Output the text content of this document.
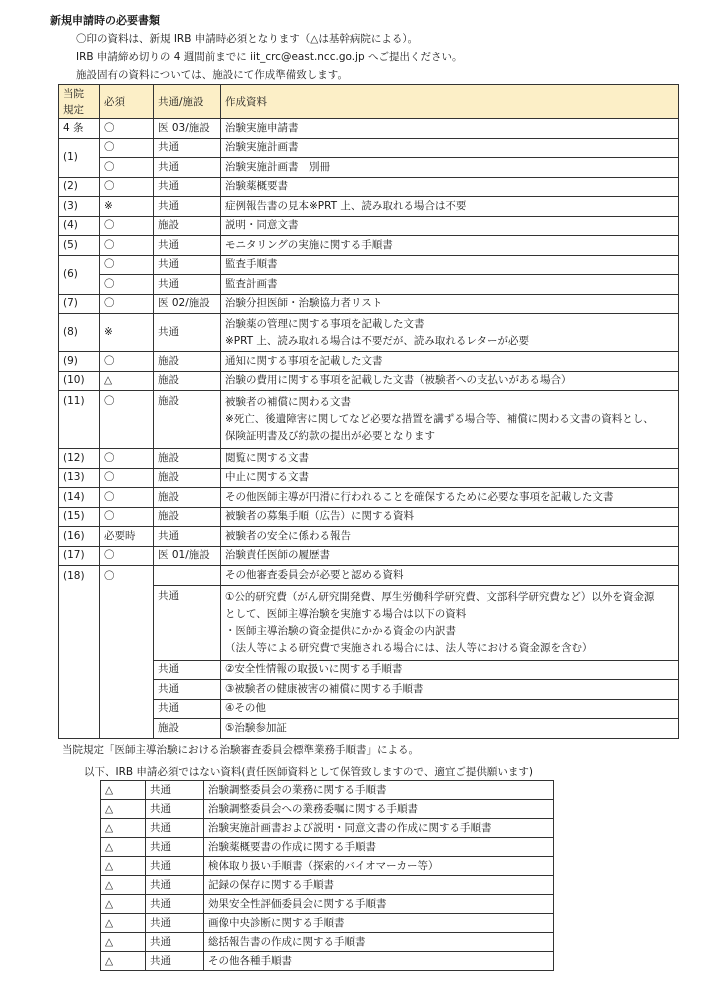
新規申請時の必要書類
〇印の資料は、新規 IRB 申請時必須となります（△は基幹病院による）。
IRB 申請締め切りの 4 週間前までに iit_crc@east.ncc.go.jp へご提出ください。
施設固有の資料については、施設にて作成準備致します。
当院
規定	必須	共通/施設	作成資料
4 条	〇	医 03/施設	治験実施申請書

(1)	〇	共通	治験実施計画書

	〇	共通	治験実施計画書　別冊

(2)	〇	共通	治験薬概要書

(3)	※	共通	症例報告書の見本※PRT 上、読み取れる場合は不要

(4)	〇	施設	説明・同意文書

(5)	〇	共通	モニタリングの実施に関する手順書

(6)	〇	共通	監査手順書

	〇	共通	監査計画書

(7)	〇	医 02/施設	治験分担医師・治験協力者リスト

(8)	※	共通	治験薬の管理に関する事項を記載した文書
※PRT 上、読み取れる場合は不要だが、読み取れるレターが必要

(9)	〇	施設	通知に関する事項を記載した文書

(10)	△	施設	治験の費用に関する事項を記載した文書（被験者への支払いがある場合）

(11)	〇	施設	被験者の補償に関わる文書
※死亡、後遺障害に関してなど必要な措置を講ずる場合等、補償に関わる文書の資料とし、
保険証明書及び約款の提出が必要となります

(12)	〇	施設	閲覧に関する文書

(13)	〇	施設	中止に関する文書

(14)	〇	施設	その他医師主導が円滑に行われることを確保するために必要な事項を記載した文書

(15)	〇	施設	被験者の募集手順（広告）に関する資料

(16)	必要時	共通	被験者の安全に係わる報告

(17)	〇	医 01/施設	治験責任医師の履歴書

(18)	〇		その他審査委員会が必要と認める資料
		共通	①公的研究費（がん研究開発費、厚生労働科学研究費、文部科学研究費など）以外を資金源
として、医師主導治験を実施する場合は以下の資料
・医師主導治験の資金提供にかかる資金の内訳書
（法人等による研究費で実施される場合には、法人等における資金源を含む）

		共通	②安全性情報の取扱いに関する手順書
		共通	③被験者の健康被害の補償に関する手順書
		共通	④その他
		施設	⑤治験参加証
当院規定「医師主導治験における治験審査委員会標準業務手順書」による。
以下、IRB 申請必須ではない資料(責任医師資料として保管致しますので、適宜ご提供願います)
△	共通	治験調整委員会の業務に関する手順書
△	共通	治験調整委員会への業務委嘱に関する手順書
△	共通	治験実施計画書および説明・同意文書の作成に関する手順書
△	共通	治験薬概要書の作成に関する手順書
△	共通	検体取り扱い手順書（探索的バイオマーカー等）
△	共通	記録の保存に関する手順書
△	共通	効果安全性評価委員会に関する手順書
△	共通	画像中央診断に関する手順書
△	共通	総括報告書の作成に関する手順書
△	共通	その他各種手順書
